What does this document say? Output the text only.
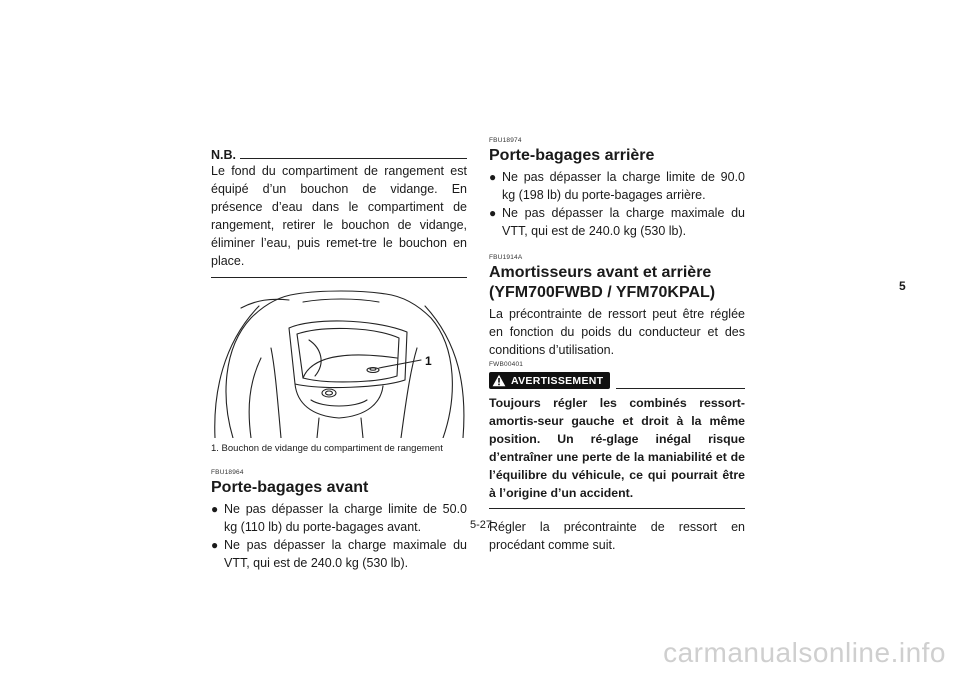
N.B.

Le fond du compartiment de rangement est équipé d’un bouchon de vidange. En présence d’eau dans le compartiment de rangement, retirer le bouchon de vidange, éliminer l’eau, puis remet-tre le bouchon en place.

1
1. Bouchon de vidange du compartiment de rangement
FBU18964
Porte-bagages avant
● Ne pas dépasser la charge limite de 50.0 kg (110 lb) du porte-bagages avant.
● Ne pas dépasser la charge maximale du VTT, qui est de 240.0 kg (530 lb).
FBU18974
Porte-bagages arrière
● Ne pas dépasser la charge limite de 90.0 kg (198 lb) du porte-bagages arrière.
● Ne pas dépasser la charge maximale du VTT, qui est de 240.0 kg (530 lb).
FBU1914A
Amortisseurs avant et arrière
(YFM700FWBD / YFM70KPAL)

La précontrainte de ressort peut être réglée en fonction du poids du conducteur et des conditions d’utilisation.

FWB00401
AVERTISSEMENT

Toujours régler les combinés ressort-amortis-seur gauche et droit à la même position. Un ré-glage inégal risque d’entraîner une perte de la maniabilité et de l’équilibre du véhicule, ce qui pourrait être à l’origine d’un accident.

Régler la précontrainte de ressort en procédant comme suit.

5
5-27
carmanualsonline.info
